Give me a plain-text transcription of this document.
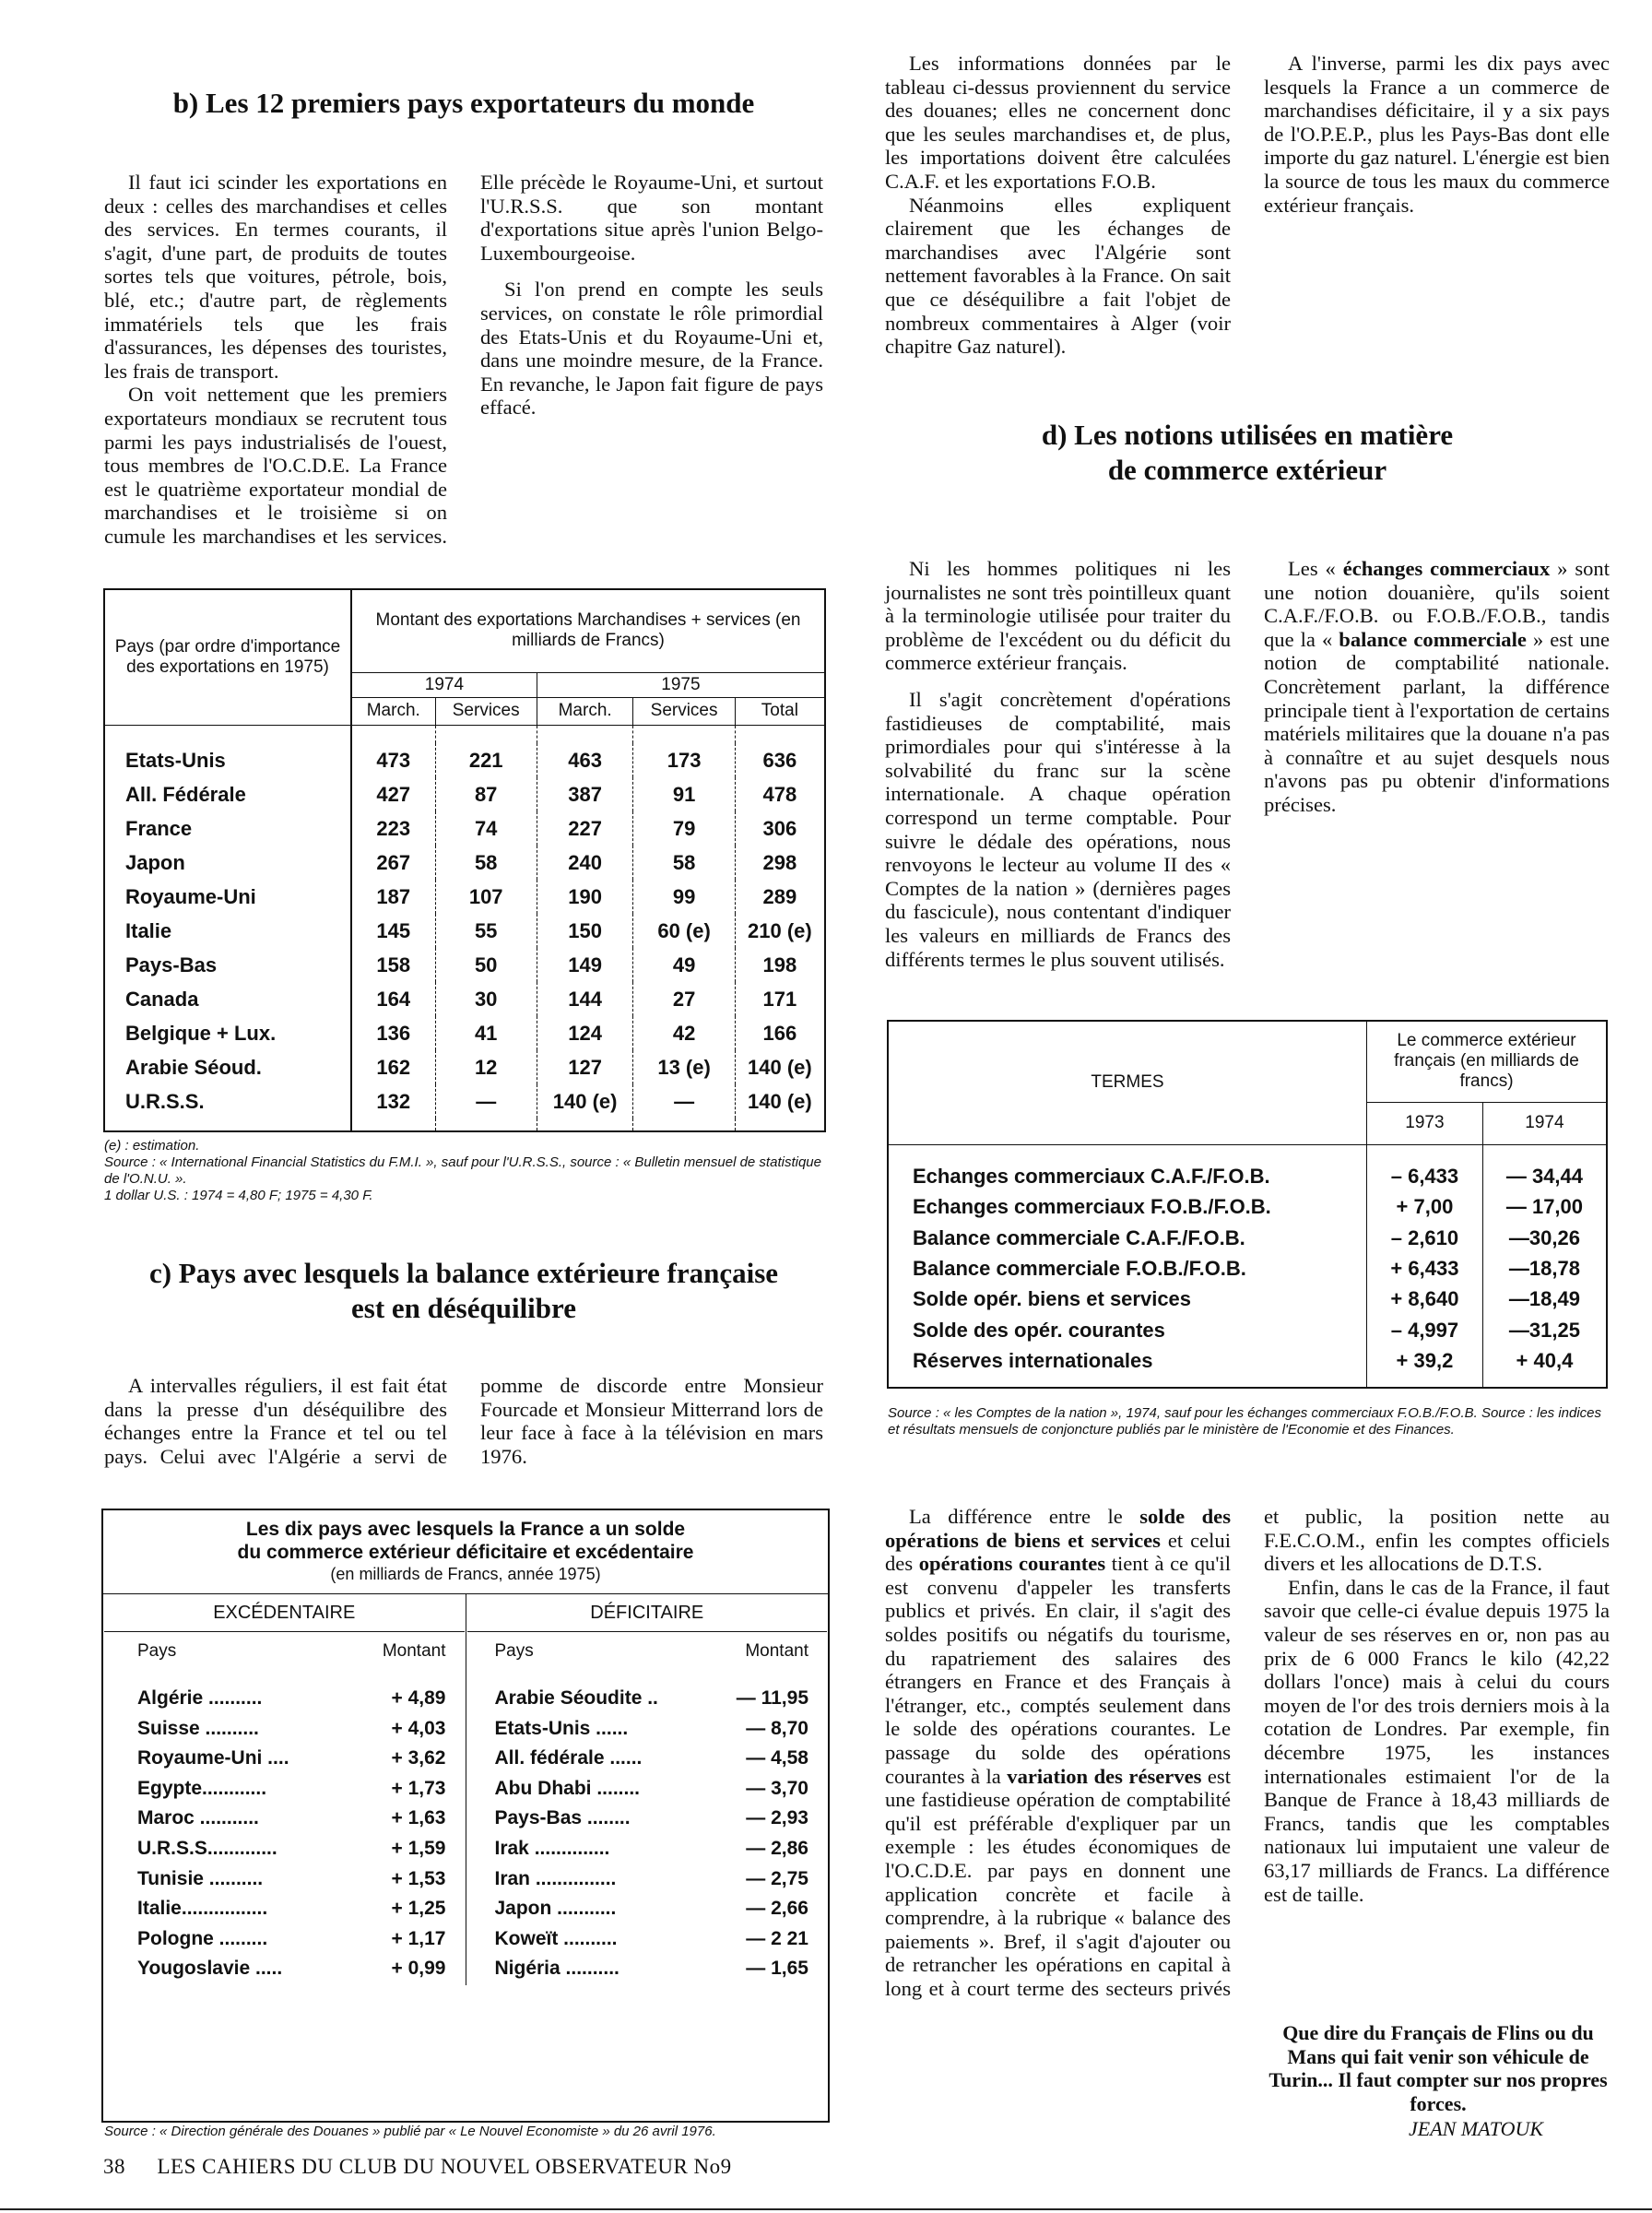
b) Les 12 premiers pays exportateurs du monde

Il faut ici scinder les exportations en deux : celles des marchandises et celles des services. En termes courants, il s'agit, d'une part, de produits de toutes sortes tels que voitures, pétrole, bois, blé, etc.; d'autre part, de règlements immatériels tels que les frais d'assurances, les dépenses des touristes, les frais de transport.

On voit nettement que les premiers exportateurs mondiaux se recrutent tous parmi les pays industrialisés de l'ouest, tous membres de l'O.C.D.E. La France est le quatrième exportateur mondial de marchandises et le troisième si on cumule les marchandises et les services. Elle précède le Royaume-Uni, et surtout l'U.R.S.S. que son montant d'exportations situe après l'union Belgo-Luxembourgeoise.

Si l'on prend en compte les seuls services, on constate le rôle primordial des Etats-Unis et du Royaume-Uni et, dans une moindre mesure, de la France. En revanche, le Japon fait figure de pays effacé.

Pays (par ordre d'importance des exportations en 1975)	Montant des exportations Marchandises + services (en milliards de Francs)				
	1974		1975		
	March.	Services	March.	Services	Total

Etats-Unis	473	221	463	173	636
All. Fédérale	427	87	387	91	478
France	223	74	227	79	306
Japon	267	58	240	58	298
Royaume-Uni	187	107	190	99	289
Italie	145	55	150	60 (e)	210 (e)
Pays-Bas	158	50	149	49	198
Canada	164	30	144	27	171
Belgique + Lux.	136	41	124	42	166
Arabie Séoud.	162	12	127	13 (e)	140 (e)
U.R.S.S.	132	—	140 (e)	—	140 (e)

(e) : estimation.
Source : « International Financial Statistics du F.M.I. », sauf pour l'U.R.S.S., source : « Bulletin mensuel de statistique de l'O.N.U. ».
1 dollar U.S. : 1974 = 4,80 F; 1975 = 4,30 F.
c) Pays avec lesquels la balance extérieure française
est en déséquilibre

A intervalles réguliers, il est fait état dans la presse d'un déséquilibre des échanges entre la France et tel ou tel pays. Celui avec l'Algérie a servi de pomme de discorde entre Monsieur Fourcade et Monsieur Mitterrand lors de leur face à face à la télévision en mars 1976.

Les dix pays avec lesquels la France a un solde
du commerce extérieur déficitaire et excédentaire
(en milliards de Francs, année 1975)
EXCÉDENTAIRE
Pays	Montant
Algérie ..........	+ 4,89
Suisse ..........	+ 4,03
Royaume-Uni ....	+ 3,62
Egypte............	+ 1,73
Maroc ...........	+ 1,63
U.R.S.S.............	+ 1,59
Tunisie ..........	+ 1,53
Italie................	+ 1,25
Pologne .........	+ 1,17
Yougoslavie .....	+ 0,99

DÉFICITAIRE
Pays	Montant
Arabie Séoudite ..	— 11,95
Etats-Unis ......	— 8,70
All. fédérale ......	— 4,58
Abu Dhabi ........	— 3,70
Pays-Bas ........	— 2,93
Irak ..............	— 2,86
Iran ...............	— 2,75
Japon ...........	— 2,66
Koweït ..........	— 2 21
Nigéria ..........	— 1,65
Source : « Direction générale des Douanes » publié par « Le Nouvel Economiste » du 26 avril 1976.

Les informations données par le tableau ci-dessus proviennent du service des douanes; elles ne concernent donc que les seules marchandises et, de plus, les importations doivent être calculées C.A.F. et les exportations F.O.B.

Néanmoins elles expliquent clairement que les échanges de marchandises avec l'Algérie sont nettement favorables à la France. On sait que ce déséquilibre a fait l'objet de nombreux commentaires à Alger (voir chapitre Gaz naturel).

A l'inverse, parmi les dix pays avec lesquels la France a un commerce de marchandises déficitaire, il y a six pays de l'O.P.E.P., plus les Pays-Bas dont elle importe du gaz naturel. L'énergie est bien la source de tous les maux du commerce extérieur français.

d) Les notions utilisées en matière
de commerce extérieur

Ni les hommes politiques ni les journalistes ne sont très pointilleux quant à la terminologie utilisée pour traiter du problème de l'excédent ou du déficit du commerce extérieur français.

Il s'agit concrètement d'opérations fastidieuses de comptabilité, mais primordiales pour qui s'intéresse à la solvabilité du franc sur la scène internationale. A chaque opération correspond un terme comptable. Pour suivre le dédale des opérations, nous renvoyons le lecteur au volume II des « Comptes de la nation » (dernières pages du fascicule), nous contentant d'indiquer les valeurs en milliards de Francs des différents termes le plus souvent utilisés.

Les « échanges commerciaux » sont une notion douanière, qu'ils soient C.A.F./F.O.B. ou F.O.B./F.O.B., tandis que la « balance commerciale » est une notion de comptabilité nationale. Concrètement parlant, la différence principale tient à l'exportation de certains matériels militaires que la douane n'a pas à connaître et au sujet desquels nous n'avons pas pu obtenir d'informations précises.

TERMES	Le commerce extérieur français (en milliards de francs)	
	1973	1974

Echanges commerciaux C.A.F./F.O.B.	– 6,433	— 34,44
Echanges commerciaux F.O.B./F.O.B.	+ 7,00	— 17,00
Balance commerciale C.A.F./F.O.B.	– 2,610	—30,26
Balance commerciale F.O.B./F.O.B.	+ 6,433	—18,78
Solde opér. biens et services	+ 8,640	—18,49
Solde des opér. courantes	– 4,997	—31,25
Réserves internationales	+ 39,2	+ 40,4

Source : « les Comptes de la nation », 1974, sauf pour les échanges commerciaux F.O.B./F.O.B. Source : les indices et résultats mensuels de conjoncture publiés par le ministère de l'Economie et des Finances.

La différence entre le solde des opérations de biens et services et celui des opérations courantes tient à ce qu'il est convenu d'appeler les transferts publics et privés. En clair, il s'agit des soldes positifs ou négatifs du tourisme, du rapatriement des salaires des étrangers en France et des Français à l'étranger, etc., comptés seulement dans le solde des opérations courantes. Le passage du solde des opérations courantes à la variation des réserves est une fastidieuse opération de comptabilité qu'il est préférable d'expliquer par un exemple : les études économiques de l'O.C.D.E. par pays en donnent une application concrète et facile à comprendre, à la rubrique « balance des paiements ». Bref, il s'agit d'ajouter ou de retrancher les opérations en capital à long et à court terme des secteurs privés et public, la position nette au F.E.C.O.M., enfin les comptes officiels divers et les allocations de D.T.S.

Enfin, dans le cas de la France, il faut savoir que celle-ci évalue depuis 1975 la valeur de ses réserves en or, non pas au prix de 6 000 Francs le kilo (42,22 dollars l'once) mais à celui du cours moyen de l'or des trois derniers mois à la cotation de Londres. Par exemple, fin décembre 1975, les instances internationales estimaient l'or de la Banque de France à 18,43 milliards de Francs, tandis que les comptables nationaux lui imputaient une valeur de 63,17 milliards de Francs. La différence est de taille.

Que dire du Français de Flins ou du Mans qui fait venir son véhicule de Turin... Il faut compter sur nos propres forces.
JEAN MATOUK
38 LES CAHIERS DU CLUB DU NOUVEL OBSERVATEUR No9
